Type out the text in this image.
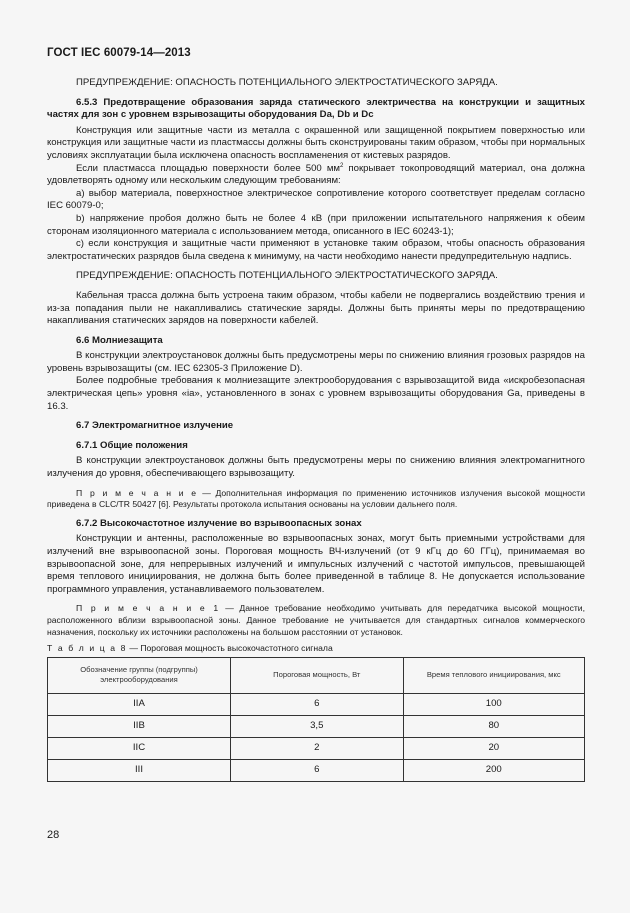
ГОСТ IEC 60079-14—2013

ПРЕДУПРЕЖДЕНИЕ: ОПАСНОСТЬ ПОТЕНЦИАЛЬНОГО ЭЛЕКТРОСТАТИЧЕСКОГО ЗАРЯДА.

6.5.3 Предотвращение образования заряда статического электричества на конструкции и защитных частях для зон с уровнем взрывозащиты оборудования Da, Db и Dc

Конструкция или защитные части из металла с окрашенной или защищенной покрытием поверхностью или конструкция или защитные части из пластмассы должны быть сконструированы таким образом, чтобы при нормальных условиях эксплуатации была исключена опасность воспламенения от кистевых разрядов.

Если пластмасса площадью поверхности более 500 $мм^2$ покрывает токопроводящий материал, она должна удовлетворять одному или нескольким следующим требованиям:

а) выбор материала, поверхностное электрическое сопротивление которого соответствует пределам согласно IEC 60079-0;

b) напряжение пробоя должно быть не более 4 кВ (при приложении испытательного напряжения к обеим сторонам изоляционного материала с использованием метода, описанного в IEC 60243-1);

c) если конструкция и защитные части применяют в установке таким образом, чтобы опасность образования электростатических разрядов была сведена к минимуму, на части необходимо нанести предупредительную надпись.

ПРЕДУПРЕЖДЕНИЕ: ОПАСНОСТЬ ПОТЕНЦИАЛЬНОГО ЭЛЕКТРОСТАТИЧЕСКОГО ЗАРЯДА.

Кабельная трасса должна быть устроена таким образом, чтобы кабели не подвергались воздействию трения и из-за попадания пыли не накапливались статические заряды. Должны быть приняты меры по предотвращению накапливания статических зарядов на поверхности кабелей.

6.6 Молниезащита

В конструкции электроустановок должны быть предусмотрены меры по снижению влияния грозовых разрядов на уровень взрывозащиты (см. IEC 62305-3 Приложение D).

Более подробные требования к молниезащите электрооборудования с взрывозащитой вида «искробезопасная электрическая цепь» уровня «ia», установленного в зонах с уровнем взрывозащиты оборудования Ga, приведены в 16.3.

6.7 Электромагнитное излучение

6.7.1 Общие положения

В конструкции электроустановок должны быть предусмотрены меры по снижению влияния электромагнитного излучения до уровня, обеспечивающего взрывозащиту.

П р и м е ч а н и е — Дополнительная информация по применению источников излучения высокой мощности приведена в CLC/TR 50427 [6]. Результаты протокола испытания основаны на условии дальнего поля.

6.7.2 Высокочастотное излучение во взрывоопасных зонах

Конструкции и антенны, расположенные во взрывоопасных зонах, могут быть приемными устройствами для излучений вне взрывоопасной зоны. Пороговая мощность ВЧ-излучений (от 9 кГц до 60 ГГц), принимаемая во взрывоопасной зоне, для непрерывных излучений и импульсных излучений с частотой импульсов, превышающей время теплового инициирования, не должна быть более приведенной в таблице 8. Не допускается использование программного управления, устанавливаемого пользователем.

П р и м е ч а н и е 1 — Данное требование необходимо учитывать для передатчика высокой мощности, расположенного вблизи взрывоопасной зоны. Данное требование не учитывается для стандартных сигналов коммерческого назначения, поскольку их источники расположены на большом расстоянии от установок.

Т а б л и ц а 8 — Пороговая мощность высокочастотного сигнала

Обозначение группы (подгруппы) электрооборудования	Пороговая мощность, Вт	Время теплового инициирования, мкс
IIA	6	100
IIB	3,5	80
IIC	2	20
III	6	200
28
